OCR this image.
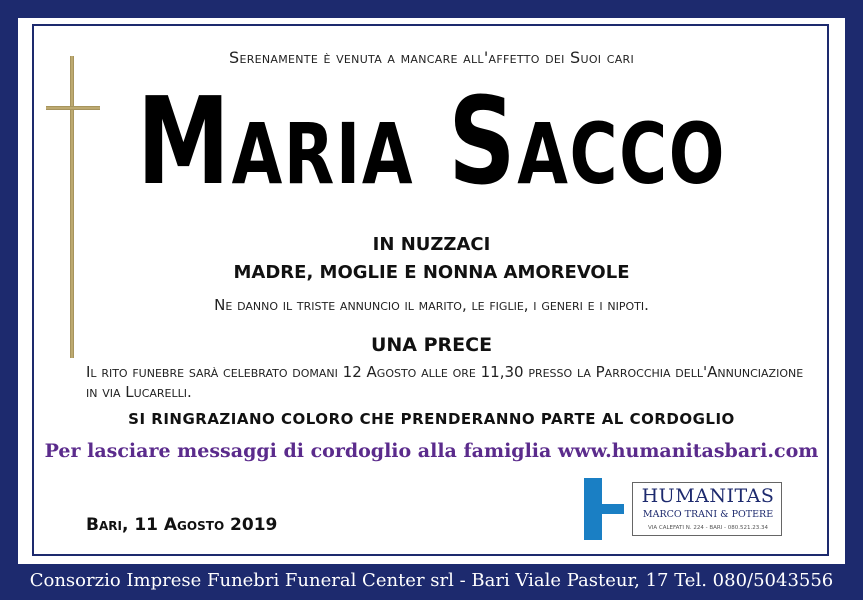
Serenamente è venuta a mancare all'affetto dei Suoi cari
Maria Sacco
IN NUZZACI
MADRE, MOGLIE E NONNA AMOREVOLE
Ne danno il triste annuncio il marito, le figlie, i generi e i nipoti.
UNA PRECE
Il rito funebre sarà celebrato domani 12 Agosto alle ore 11,30 presso la Parrocchia dell'Annunciazione in via Lucarelli.
SI RINGRAZIANO COLORO CHE PRENDERANNO PARTE AL CORDOGLIO
Per lasciare messaggi di cordoglio alla famiglia www.humanitasbari.com
Bari, 11 Agosto 2019
HUMANITAS
MARCO TRANI & POTERE
VIA CALEFATI N. 224 - BARI - 080.521.23.34
Consorzio Imprese Funebri Funeral Center srl - Bari Viale Pasteur, 17 Tel. 080/5043556
